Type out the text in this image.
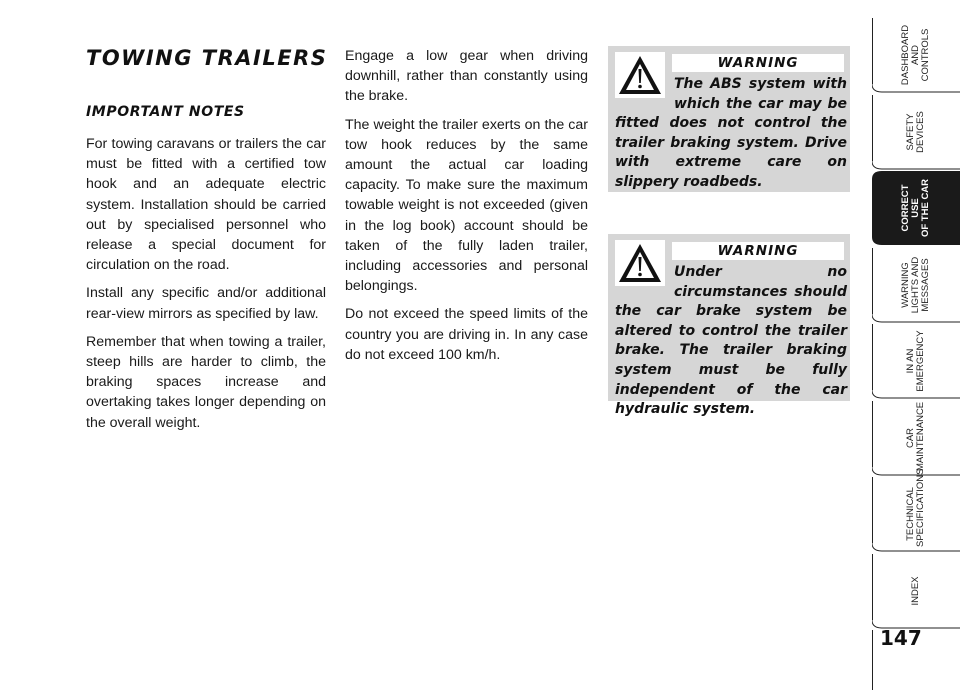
TOWING TRAILERS
IMPORTANT NOTES

For towing caravans or trailers the car must be fitted with a certified tow hook and an adequate electric system. Installation should be carried out by specialised personnel who release a special document for circulation on the road.

Install any specific and/or additional rear-view mirrors as specified by law.

Remember that when towing a trailer, steep hills are harder to climb, the braking spaces increase and overtaking takes longer depending on the overall weight.

Engage a low gear when driving downhill, rather than constantly using the brake.

The weight the trailer exerts on the car tow hook reduces by the same amount the actual car loading capacity. To make sure the maximum towable weight is not exceeded (given in the log book) account should be taken of the fully laden trailer, including accessories and personal belongings.

Do not exceed the speed limits of the country you are driving in. In any case do not exceed 100 km/h.

WARNING

The ABS system with which the car may be fitted does not control the trailer braking system. Drive with extreme care on slippery roadbeds.

WARNING

Under no circumstances should the car brake system be altered to control the trailer brake. The trailer braking system must be fully independent of the car hydraulic system.

DASHBOARD AND CONTROLS
SAFETY DEVICES
CORRECT USE OF THE CAR
WARNING LIGHTS AND MESSAGES
IN AN EMERGENCY
CAR MAINTENANCE
TECHNICAL SPECIFICATIONS
INDEX
147
